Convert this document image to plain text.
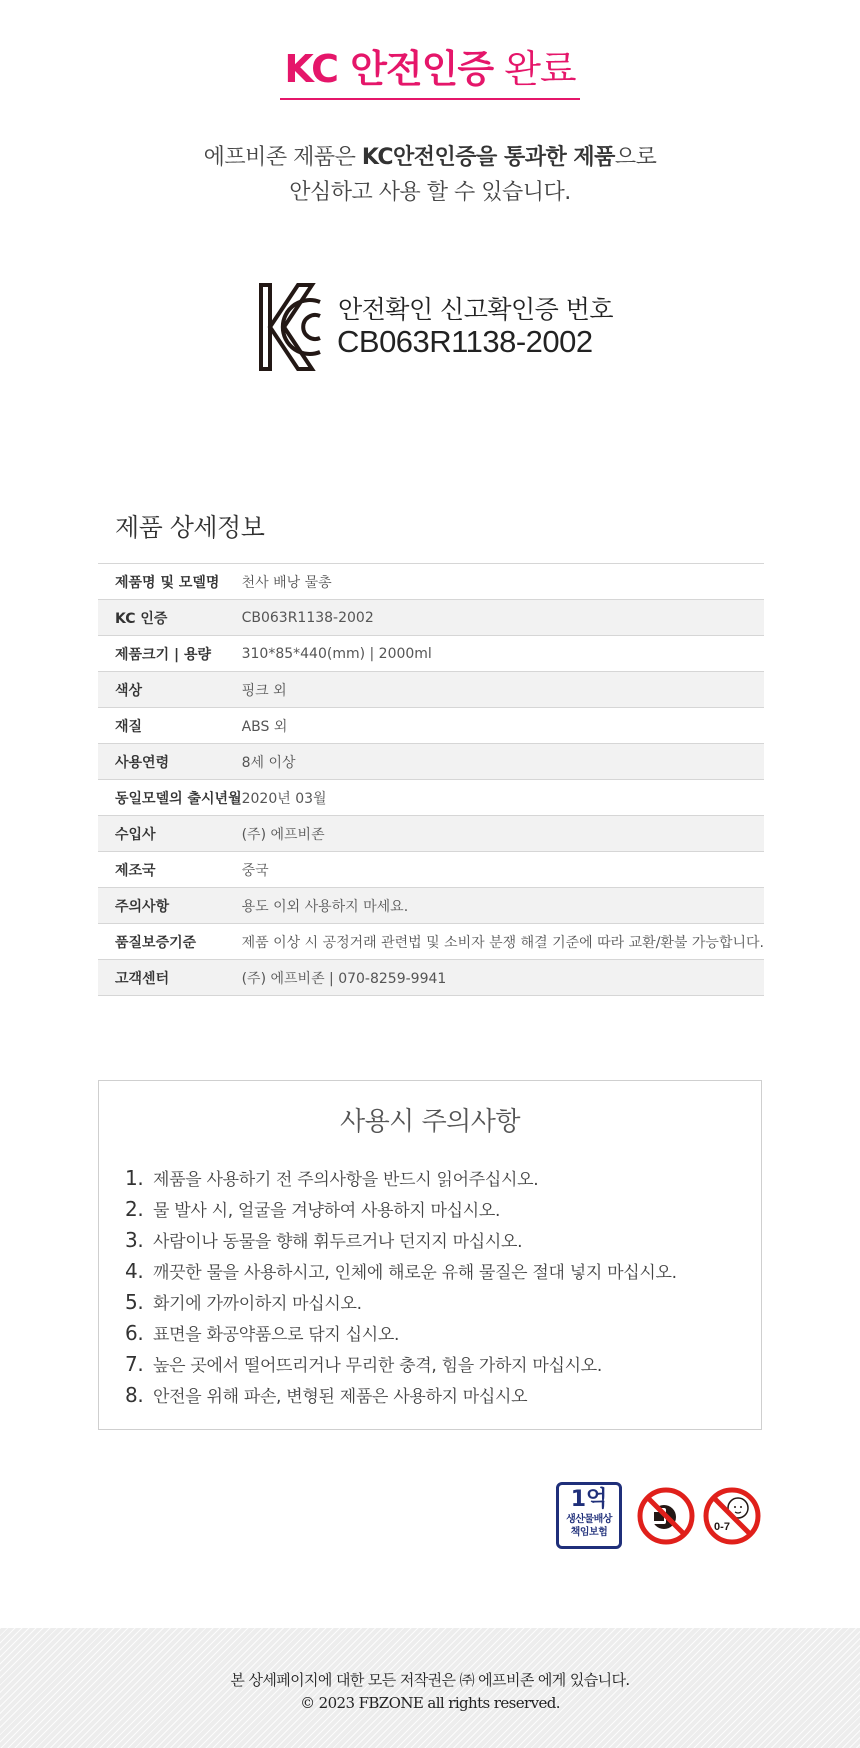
KC 안전인증 완료
에프비존 제품은 KC안전인증을 통과한 제품으로
안심하고 사용 할 수 있습니다.
안전확인 신고확인증 번호
CB063R1138-2002
제품 상세정보
제품명 및 모델명	천사 배낭 물총
KC 인증	CB063R1138-2002
제품크기 | 용량	310*85*440(mm) | 2000ml
색상	핑크 외
재질	ABS 외
사용연령	8세 이상
동일모델의 출시년월	2020년 03월
수입사	(주) 에프비존
제조국	중국
주의사항	용도 이외 사용하지 마세요.
품질보증기준	제품 이상 시 공정거래 관련법 및 소비자 분쟁 해결 기준에 따라 교환/환불 가능합니다.
고객센터	(주) 에프비존 | 070-8259-9941
사용시 주의사항
1. 제품을 사용하기 전 주의사항을 반드시 읽어주십시오.
2. 물 발사 시, 얼굴을 겨냥하여 사용하지 마십시오.
3. 사람이나 동물을 향해 휘두르거나 던지지 마십시오.
4. 깨끗한 물을 사용하시고, 인체에 해로운 유해 물질은 절대 넣지 마십시오.
5. 화기에 가까이하지 마십시오.
6. 표면을 화공약품으로 닦지 십시오.
7. 높은 곳에서 떨어뜨리거나 무리한 충격, 힘을 가하지 마십시오.
8. 안전을 위해 파손, 변형된 제품은 사용하지 마십시오
1억
생산물배상
책임보험	0-7
본 상세페이지에 대한 모든 저작권은 ㈜ 에프비존 에게 있습니다.
© 2023 FBZONE all rights reserved.
